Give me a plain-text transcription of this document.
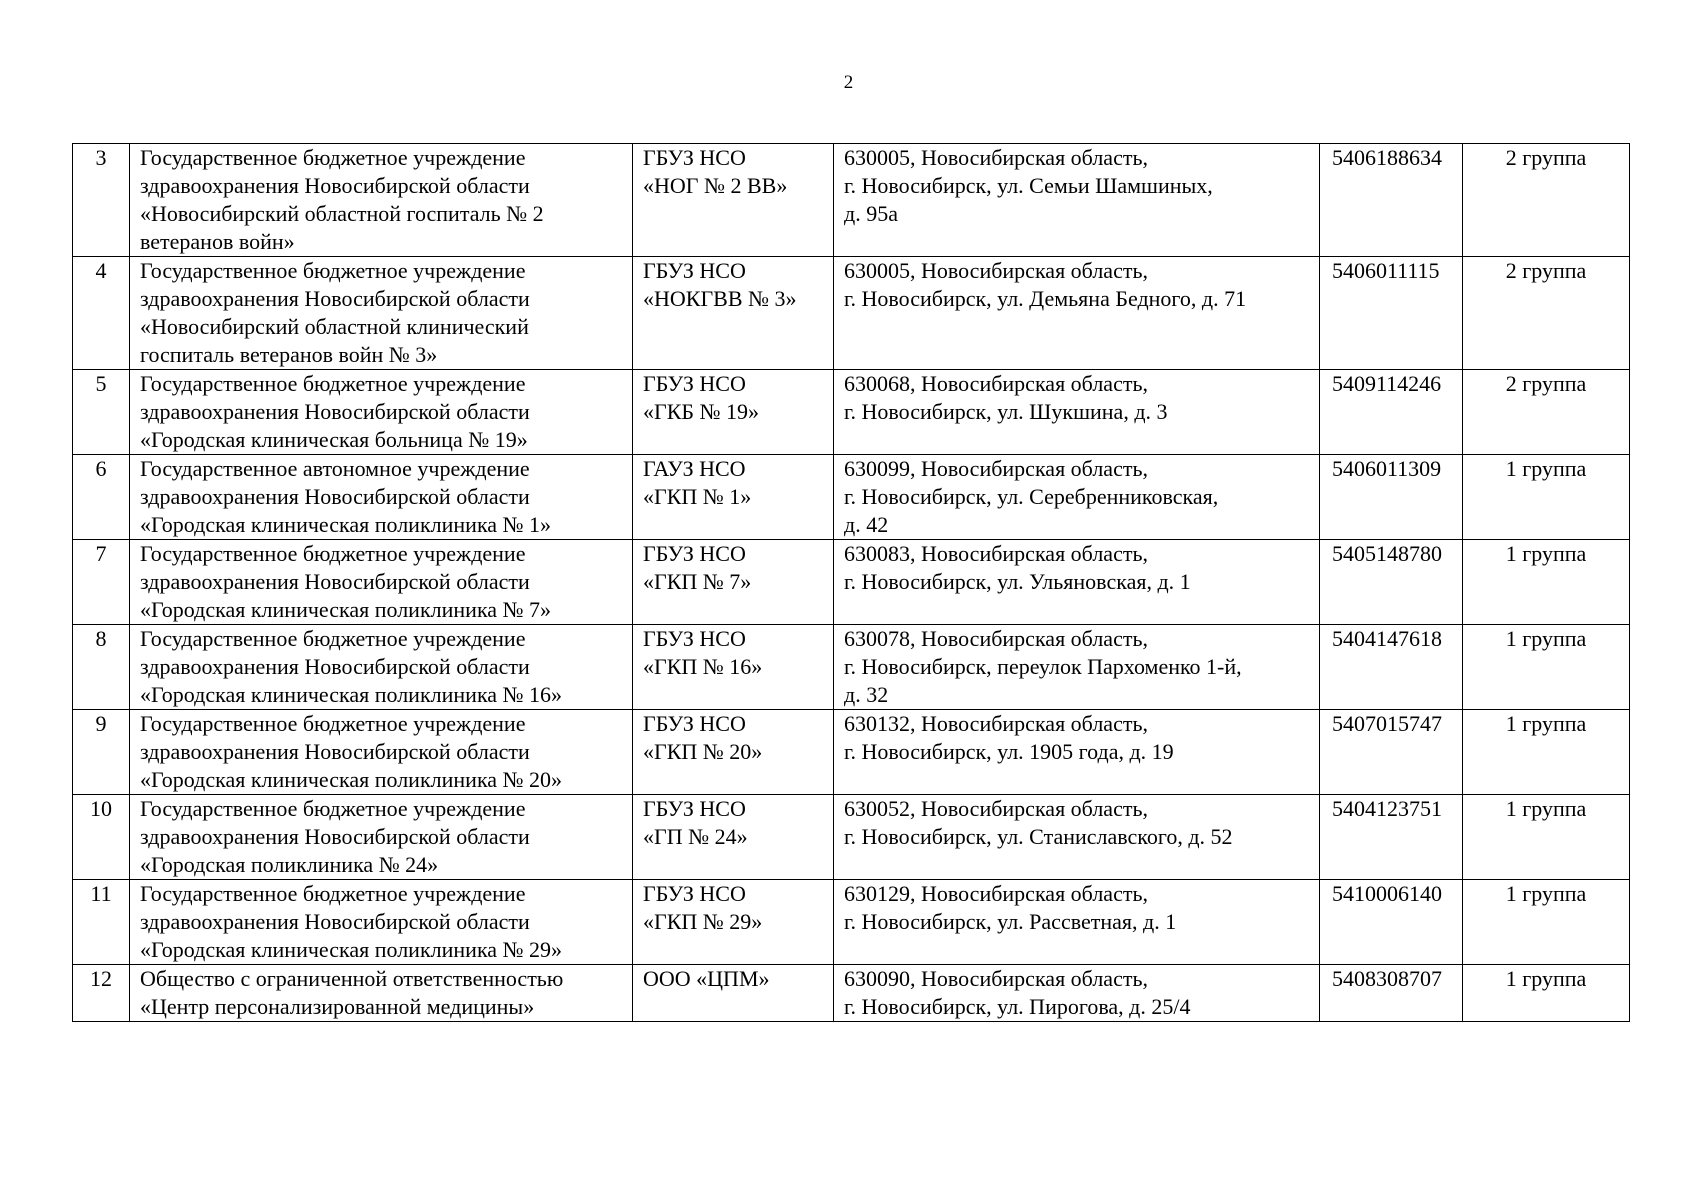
2
3	Государственное бюджетное учреждение
здравоохранения Новосибирской области
«Новосибирский областной госпиталь № 2
ветеранов войн»	ГБУЗ НСО
«НОГ № 2 ВВ»	630005, Новосибирская область,
г. Новосибирск, ул. Семьи Шамшиных,
д. 95а	5406188634	2 группа
4	Государственное бюджетное учреждение
здравоохранения Новосибирской области
«Новосибирский областной клинический
госпиталь ветеранов войн № 3»	ГБУЗ НСО
«НОКГВВ № 3»	630005, Новосибирская область,
г. Новосибирск, ул. Демьяна Бедного, д. 71	5406011115	2 группа
5	Государственное бюджетное учреждение
здравоохранения Новосибирской области
«Городская клиническая больница № 19»	ГБУЗ НСО
«ГКБ № 19»	630068, Новосибирская область,
г. Новосибирск, ул. Шукшина, д. 3	5409114246	2 группа
6	Государственное автономное учреждение
здравоохранения Новосибирской области
«Городская клиническая поликлиника № 1»	ГАУЗ НСО
«ГКП № 1»	630099, Новосибирская область,
г. Новосибирск, ул. Серебренниковская,
д. 42	5406011309	1 группа
7	Государственное бюджетное учреждение
здравоохранения Новосибирской области
«Городская клиническая поликлиника № 7»	ГБУЗ НСО
«ГКП № 7»	630083, Новосибирская область,
г. Новосибирск, ул. Ульяновская, д. 1	5405148780	1 группа
8	Государственное бюджетное учреждение
здравоохранения Новосибирской области
«Городская клиническая поликлиника № 16»	ГБУЗ НСО
«ГКП № 16»	630078, Новосибирская область,
г. Новосибирск, переулок Пархоменко 1-й,
д. 32	5404147618	1 группа
9	Государственное бюджетное учреждение
здравоохранения Новосибирской области
«Городская клиническая поликлиника № 20»	ГБУЗ НСО
«ГКП № 20»	630132, Новосибирская область,
г. Новосибирск, ул. 1905 года, д. 19	5407015747	1 группа
10	Государственное бюджетное учреждение
здравоохранения Новосибирской области
«Городская поликлиника № 24»	ГБУЗ НСО
«ГП № 24»	630052, Новосибирская область,
г. Новосибирск, ул. Станиславского, д. 52	5404123751	1 группа
11	Государственное бюджетное учреждение
здравоохранения Новосибирской области
«Городская клиническая поликлиника № 29»	ГБУЗ НСО
«ГКП № 29»	630129, Новосибирская область,
г. Новосибирск, ул. Рассветная, д. 1	5410006140	1 группа
12	Общество с ограниченной ответственностью
«Центр персонализированной медицины»	ООО «ЦПМ»	630090, Новосибирская область,
г. Новосибирск, ул. Пирогова, д. 25/4	5408308707	1 группа
